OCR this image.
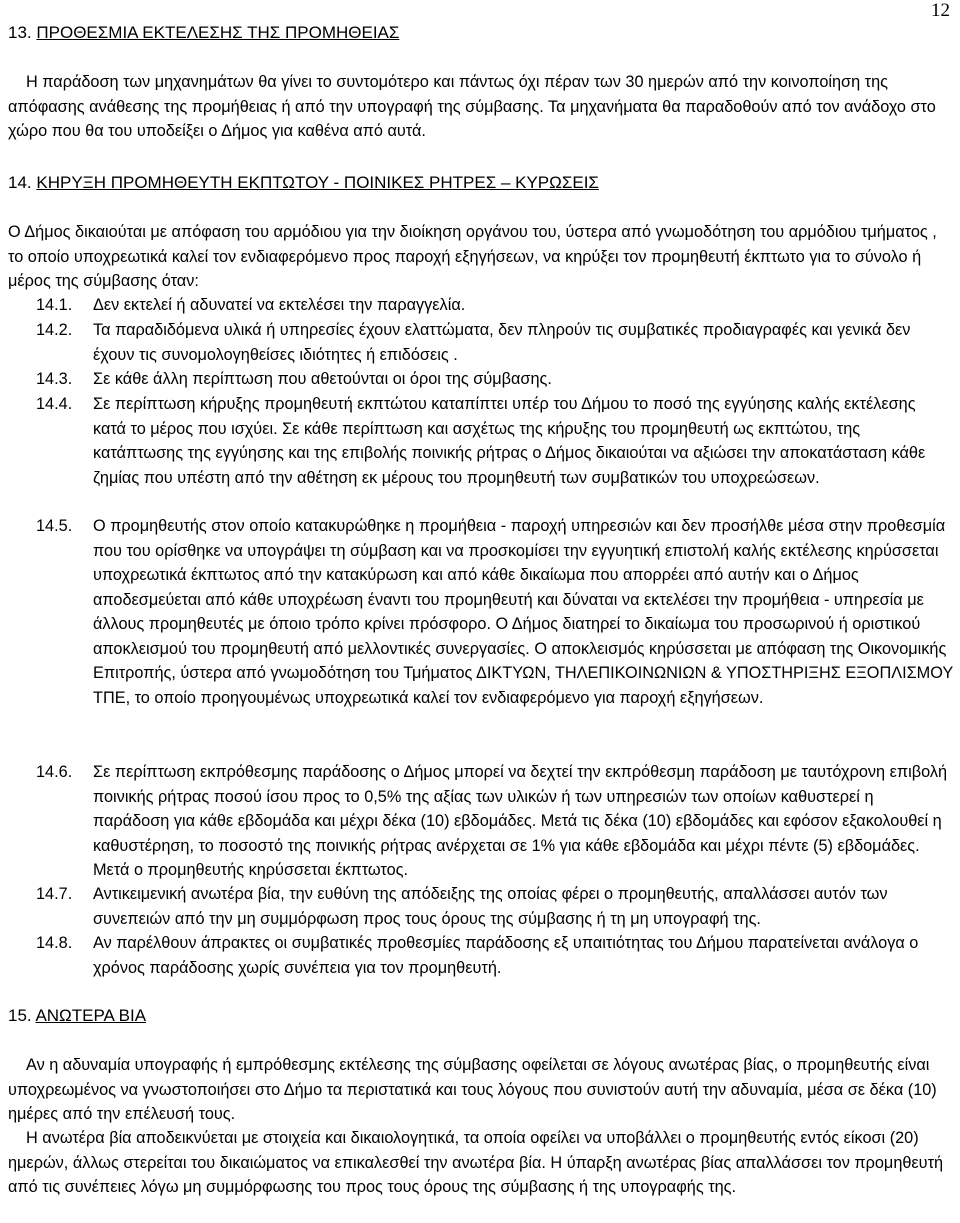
12
13. ΠΡΟΘΕΣΜΙΑ ΕΚΤΕΛΕΣΗΣ ΤΗΣ ΠΡΟΜΗΘΕΙΑΣ

Η παράδοση των μηχανημάτων θα γίνει το συντομότερο και πάντως όχι πέραν των 30 ημερών από την κοινοποίηση της απόφασης ανάθεσης της προμήθειας ή από την υπογραφή της σύμβασης. Τα μηχανήματα θα παραδοθούν από τον ανάδοχο στο χώρο που θα του υποδείξει ο Δήμος για καθένα από αυτά.

14. ΚΗΡΥΞΗ ΠΡΟΜΗΘΕΥΤΗ ΕΚΠΤΩΤΟΥ - ΠΟΙΝΙΚΕΣ ΡΗΤΡΕΣ – ΚΥΡΩΣΕΙΣ

Ο Δήμος δικαιούται με απόφαση του αρμόδιου για την διοίκηση οργάνου του, ύστερα από γνωμοδότηση του αρμόδιου τμήματος , το οποίο υποχρεωτικά καλεί τον ενδιαφερόμενο προς παροχή εξηγήσεων, να κηρύξει τον προμηθευτή έκπτωτο για το σύνολο ή μέρος της σύμβασης όταν:

14.1. Δεν εκτελεί ή αδυνατεί να εκτελέσει την παραγγελία.

14.2. Τα παραδιδόμενα υλικά ή υπηρεσίες έχουν ελαττώματα, δεν πληρούν τις συμβατικές προδιαγραφές και γενικά δεν έχουν τις συνομολογηθείσες ιδιότητες ή επιδόσεις .

14.3. Σε κάθε άλλη περίπτωση που αθετούνται οι όροι της σύμβασης.

14.4. Σε περίπτωση κήρυξης προμηθευτή εκπτώτου καταπίπτει υπέρ του Δήμου το ποσό της εγγύησης καλής εκτέλεσης κατά το μέρος που ισχύει. Σε κάθε περίπτωση και ασχέτως της κήρυξης του προμηθευτή ως εκπτώτου, της κατάπτωσης της εγγύησης και της επιβολής ποινικής ρήτρας ο Δήμος δικαιούται να αξιώσει την αποκατάσταση κάθε ζημίας που υπέστη από την αθέτηση εκ μέρους του προμηθευτή των συμβατικών του υποχρεώσεων.

14.5. Ο προμηθευτής στον οποίο κατακυρώθηκε η προμήθεια - παροχή υπηρεσιών και δεν προσήλθε μέσα στην προθεσμία που του ορίσθηκε να υπογράψει τη σύμβαση και να προσκομίσει την εγγυητική επιστολή καλής εκτέλεσης κηρύσσεται υποχρεωτικά έκπτωτος από την κατακύρωση και από κάθε δικαίωμα που απορρέει από αυτήν και ο Δήμος αποδεσμεύεται από κάθε υποχρέωση έναντι του προμηθευτή και δύναται να εκτελέσει την προμήθεια - υπηρεσία με άλλους προμηθευτές με όποιο τρόπο κρίνει πρόσφορο. Ο Δήμος διατηρεί το δικαίωμα του προσωρινού ή οριστικού αποκλεισμού του προμηθευτή από μελλοντικές συνεργασίες. Ο αποκλεισμός κηρύσσεται με απόφαση της Οικονομικής Επιτροπής, ύστερα από γνωμοδότηση του Τμήματος ΔΙΚΤΥΩΝ, ΤΗΛΕΠΙΚΟΙΝΩΝΙΩΝ & ΥΠΟΣΤΗΡΙΞΗΣ ΕΞΟΠΛΙΣΜΟΥ ΤΠΕ, το οποίο προηγουμένως υποχρεωτικά καλεί τον ενδιαφερόμενο για παροχή εξηγήσεων.

14.6. Σε περίπτωση εκπρόθεσμης παράδοσης ο Δήμος μπορεί να δεχτεί την εκπρόθεσμη παράδοση με ταυτόχρονη επιβολή ποινικής ρήτρας ποσού ίσου προς το 0,5% της αξίας των υλικών ή των υπηρεσιών των οποίων καθυστερεί η παράδοση για κάθε εβδομάδα και μέχρι δέκα (10) εβδομάδες. Μετά τις δέκα (10) εβδομάδες και εφόσον εξακολουθεί η καθυστέρηση, το ποσοστό της ποινικής ρήτρας ανέρχεται σε 1% για κάθε εβδομάδα και μέχρι πέντε (5) εβδομάδες. Μετά ο προμηθευτής κηρύσσεται έκπτωτος.

14.7. Αντικειμενική ανωτέρα βία, την ευθύνη της απόδειξης της οποίας φέρει ο προμηθευτής, απαλλάσσει αυτόν των συνεπειών από την μη συμμόρφωση προς τους όρους της σύμβασης ή τη μη υπογραφή της.

14.8. Αν παρέλθουν άπρακτες οι συμβατικές προθεσμίες παράδοσης εξ υπαιτιότητας του Δήμου παρατείνεται ανάλογα ο χρόνος παράδοσης χωρίς συνέπεια για τον προμηθευτή.

15. ΑΝΩΤΕΡΑ ΒΙΑ

Αν η αδυναμία υπογραφής ή εμπρόθεσμης εκτέλεσης της σύμβασης οφείλεται σε λόγους ανωτέρας βίας, ο προμηθευτής είναι υποχρεωμένος να γνωστοποιήσει στο Δήμο τα περιστατικά και τους λόγους που συνιστούν αυτή την αδυναμία, μέσα σε δέκα (10) ημέρες από την επέλευσή τους.

Η ανωτέρα βία αποδεικνύεται με στοιχεία και δικαιολογητικά, τα οποία οφείλει να υποβάλλει ο προμηθευτής εντός είκοσι (20) ημερών, άλλως στερείται του δικαιώματος να επικαλεσθεί την ανωτέρα βία. Η ύπαρξη ανωτέρας βίας απαλλάσσει τον προμηθευτή από τις συνέπειες λόγω μη συμμόρφωσης του προς τους όρους της σύμβασης ή της υπογραφής της.
